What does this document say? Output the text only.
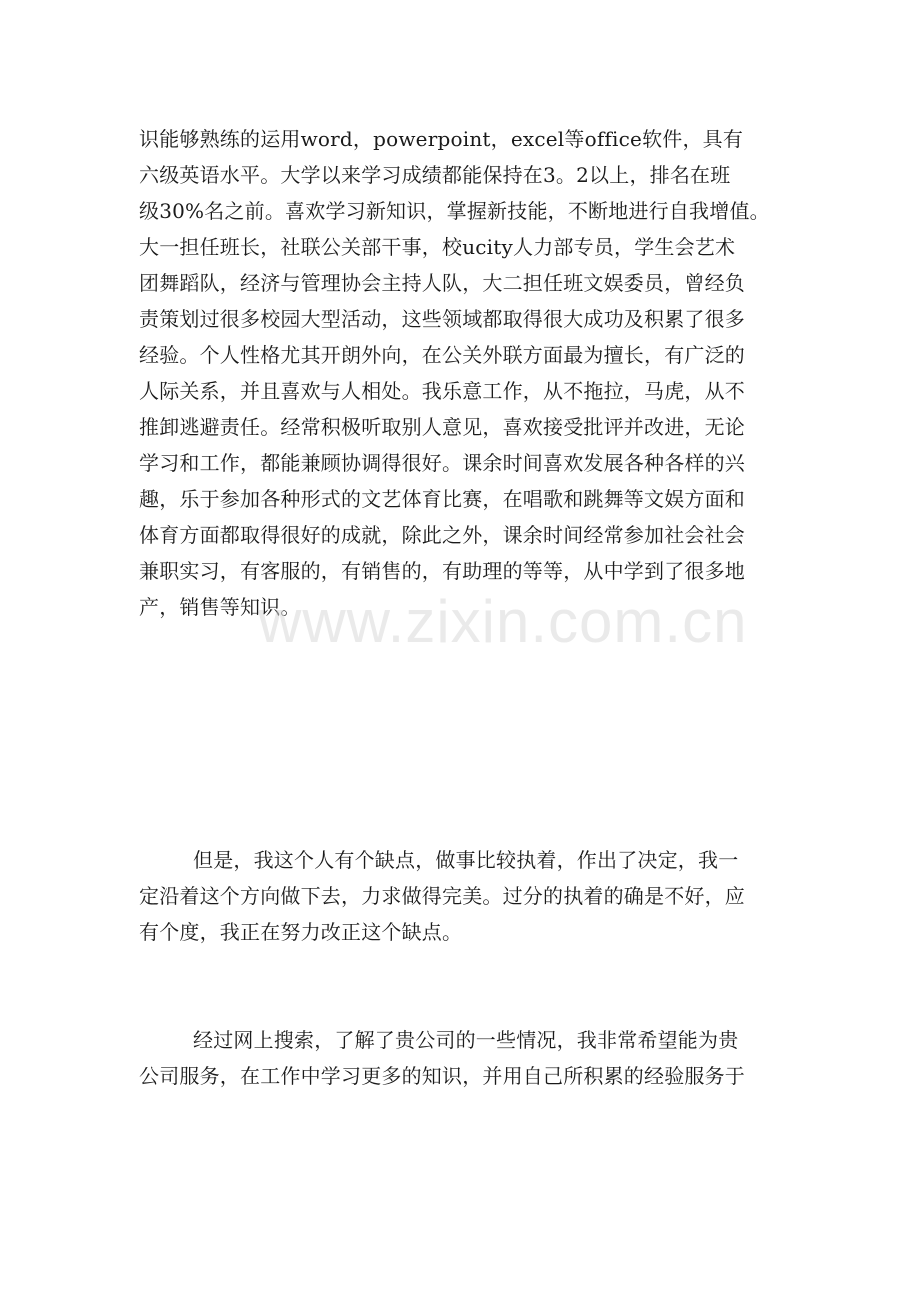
识能够熟练的运用word，powerpoint，excel等office软件，具有
六级英语水平。大学以来学习成绩都能保持在3。2以上，排名在班
级30%名之前。喜欢学习新知识，掌握新技能，不断地进行自我增值。
大一担任班长，社联公关部干事，校ucity人力部专员，学生会艺术
团舞蹈队，经济与管理协会主持人队，大二担任班文娱委员，曾经负
责策划过很多校园大型活动，这些领域都取得很大成功及积累了很多
经验。个人性格尤其开朗外向，在公关外联方面最为擅长，有广泛的
人际关系，并且喜欢与人相处。我乐意工作，从不拖拉，马虎，从不
推卸逃避责任。经常积极听取别人意见，喜欢接受批评并改进，无论
学习和工作，都能兼顾协调得很好。课余时间喜欢发展各种各样的兴
趣，乐于参加各种形式的文艺体育比赛，在唱歌和跳舞等文娱方面和
体育方面都取得很好的成就，除此之外，课余时间经常参加社会社会
兼职实习，有客服的，有销售的，有助理的等等，从中学到了很多地
产，销售等知识。
但是，我这个人有个缺点，做事比较执着，作出了决定，我一
定沿着这个方向做下去，力求做得完美。过分的执着的确是不好，应
有个度，我正在努力改正这个缺点。
经过网上搜索，了解了贵公司的一些情况，我非常希望能为贵
公司服务，在工作中学习更多的知识，并用自己所积累的经验服务于
www.zixin.com.cn
